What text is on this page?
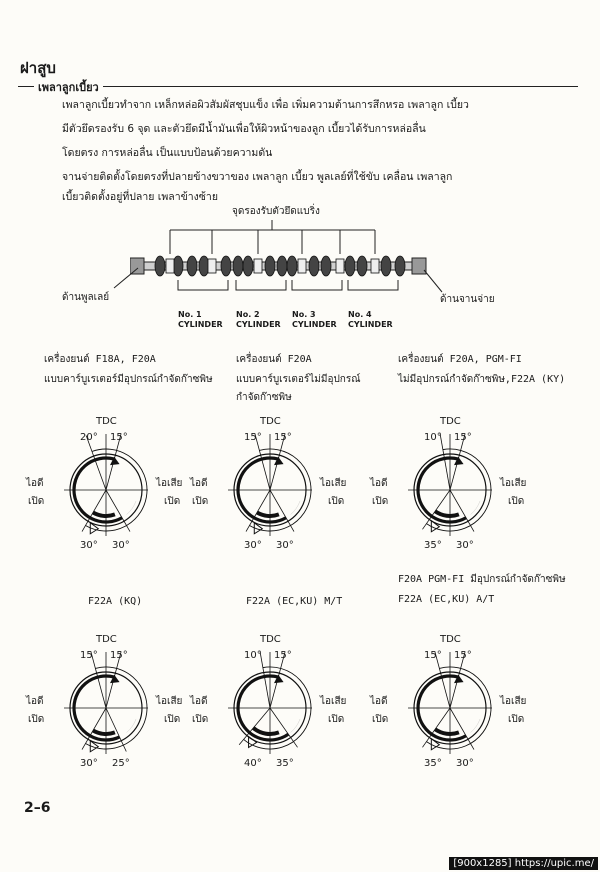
ฝาสูบ
เพลาลูกเบี้ยว
เพลาลูกเบี้ยวทำจาก เหล็กหล่อผิวสัมผัสชุบแข็ง เพื่อ เพิ่มความต้านการสึกหรอ เพลาลูก เบี้ยว
มีตัวยึดรองรับ 6 จุด และตัวยึดมีน้ำมันเพื่อให้ผิวหน้าของลูก เบี้ยวได้รับการหล่อลื่น
โดยตรง การหล่อลื่น เป็นแบบป้อนด้วยความดัน
จานจ่ายติดตั้งโดยตรงที่ปลายข้างขวาของ เพลาลูก เบี้ยว พูลเลย์ที่ใช้ขับ เคลื่อน เพลาลูก
เบี้ยวติดตั้งอยู่ที่ปลาย เพลาข้างซ้าย
จุดรองรับตัวยึดแบริ่ง
ด้านพูลเลย์	ด้านจานจ่าย
No. 1
CYLINDER
No. 2
CYLINDER
No. 3
CYLINDER
No. 4
CYLINDER
เครื่องยนต์ F18A, F20A
แบบคาร์บูเรเตอร์มีอุปกรณ์กำจัดก๊าซพิษ
เครื่องยนต์ F20A
แบบคาร์บูเรเตอร์ไม่มีอุปกรณ์
กำจัดก๊าซพิษ
เครื่องยนต์ F20A, PGM-FI
ไม่มีอุปกรณ์กำจัดก๊าซพิษ,F22A (KY)
F22A (KQ)	F22A (EC,KU) M/T
F20A PGM-FI มีอุปกรณ์กำจัดก๊าซพิษ
F22A (EC,KU) A/T
TDC
20° 15°
30° 30°
ไอดี
เปิด
ไอเสีย
เปิด
TDC
15° 15°
30° 30°
ไอดี
เปิด
ไอเสีย
เปิด
TDC
10° 15°
35° 30°
ไอดี
เปิด
ไอเสีย
เปิด
TDC
15° 15°
30° 25°
ไอดี
เปิด
ไอเสีย
เปิด
TDC
10° 15°
40° 35°
ไอดี
เปิด
ไอเสีย
เปิด
TDC
15° 15°
35° 30°
ไอดี
เปิด
ไอเสีย
เปิด
2–6
[900x1285] https://upic.me/
